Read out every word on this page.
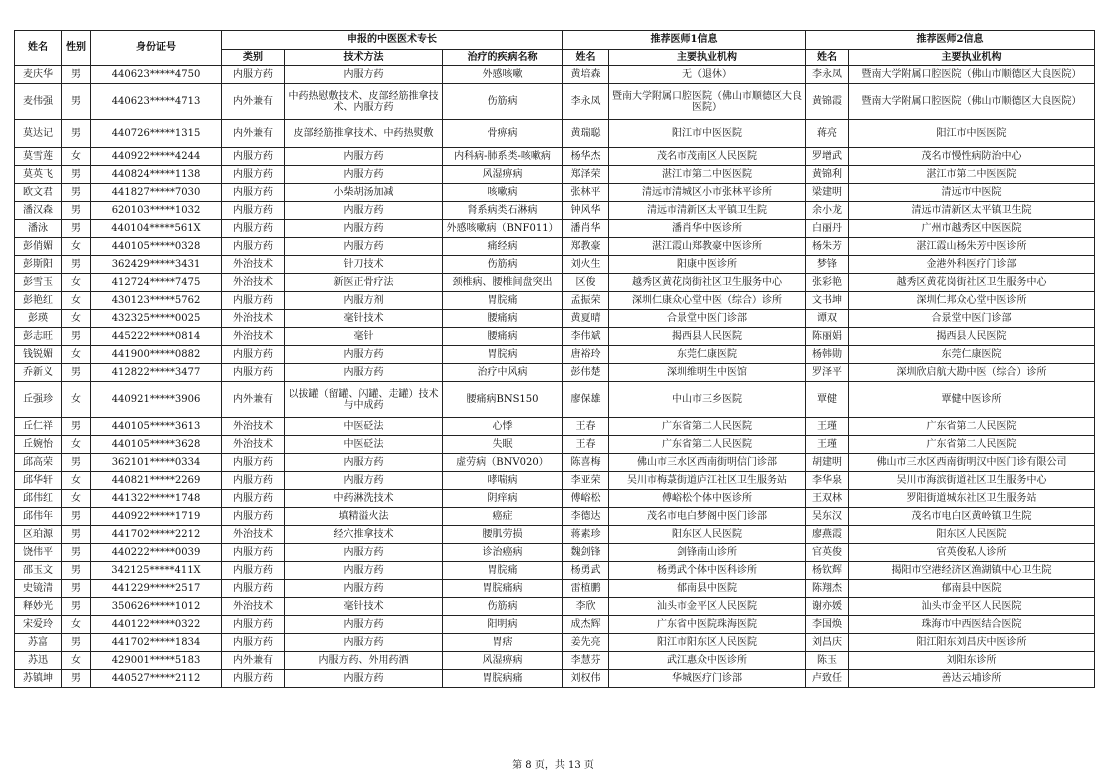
姓名	性别	身份证号	申报的中医医术专长			推荐医师1信息		推荐医师2信息	
			类别	技术方法	治疗的疾病名称	姓名	主要执业机构	姓名	主要执业机构
麦庆华	男	440623*****4750	内服方药	内服方药	外感咳嗽	黄培森	无（退休）	李永凤	暨南大学附属口腔医院（佛山市顺德区大良医院）
麦伟强	男	440623*****4713	内外兼有	中药热慰敷技术、皮部经筋推拿技术、内服方药	伤筋病	李永凤	暨南大学附属口腔医院（佛山市顺德区大良医院）	黄锦霞	暨南大学附属口腔医院（佛山市顺德区大良医院）
莫达记	男	440726*****1315	内外兼有	皮部经筋推拿技术、中药热熨敷	骨痹病	黄瑞聪	阳江市中医医院	蒋亮	阳江市中医医院
莫雪莲	女	440922*****4244	内服方药	内服方药	内科病-肺系类-咳嗽病	杨华杰	茂名市茂南区人民医院	罗增武	茂名市慢性病防治中心
莫英飞	男	440824*****1138	内服方药	内服方药	风湿痹病	郑泽荣	湛江市第二中医医院	黄锦利	湛江市第二中医医院
欧文君	男	441827*****7030	内服方药	小柴胡汤加减	咳嗽病	张林平	清远市清城区小市张林平诊所	梁建明	清远市中医院
潘汉森	男	620103*****1032	内服方药	内服方药	肾系病类石淋病	钟风华	清远市清新区太平镇卫生院	余小龙	清远市清新区太平镇卫生院
潘泳	男	440104*****561X	内服方药	内服方药	外感咳嗽病（BNF011）	潘肖华	潘肖华中医诊所	白丽丹	广州市越秀区中医医院
彭俏媚	女	440105*****0328	内服方药	内服方药	痛经病	郑教豪	湛江霞山郑教豪中医诊所	杨朱芳	湛江霞山杨朱芳中医诊所
彭斯阳	男	362429*****3431	外治技术	针刀技术	伤筋病	刘火生	阳康中医诊所	梦锋	金港外科医疗门诊部
彭雪玉	女	412724*****7475	外治技术	新医正骨疗法	颈椎病、腰椎间盘突出	区俊	越秀区黄花岗街社区卫生服务中心	张彩艳	越秀区黄花岗街社区卫生服务中心
彭艳红	女	430123*****5762	内服方药	内服方剂	胃脘痛	孟振荣	深圳仁康众心堂中医（综合）诊所	文书坤	深圳仁邦众心堂中医诊所
彭瑛	女	432325*****0025	外治技术	毫针技术	腰痛病	黄夏晴	合景堂中医门诊部	谭双	合景堂中医门诊部
彭志旺	男	445222*****0814	外治技术	毫针	腰痛病	李伟斌	揭西县人民医院	陈丽娟	揭西县人民医院
钱锐媚	女	441900*****0882	内服方药	内服方药	胃脘病	唐裕玲	东莞仁康医院	杨韩勋	东莞仁康医院
乔新义	男	412822*****3477	内服方药	内服方药	治疗中风病	彭伟楚	深圳维明生中医馆	罗泽平	深圳欣启航大勘中医（综合）诊所
丘强珍	女	440921*****3906	内外兼有	以拔罐（留罐、闪罐、走罐）技术与中成药	腰痛病BNS150	廖保雄	中山市三乡医院	覃健	覃健中医诊所
丘仁祥	男	440105*****3613	外治技术	中医砭法	心悸	王春	广东省第二人民医院	王瑾	广东省第二人民医院
丘婉怡	女	440105*****3628	外治技术	中医砭法	失眠	王春	广东省第二人民医院	王瑾	广东省第二人民医院
邱高荣	男	362101*****0334	内服方药	内服方药	虚劳病（BNV020）	陈喜梅	佛山市三水区西南街明信门诊部	胡建明	佛山市三水区西南街明汉中医门诊有限公司
邱华轩	女	440821*****2269	内服方药	内服方药	哮喘病	李亚荣	吴川市梅菉街道庐江社区卫生服务站	李华泉	吴川市海滨街道社区卫生服务中心
邱伟红	女	441322*****1748	内服方药	中药淋洗技术	阴痒病	傅峪松	傅峪松个体中医诊所	王双林	罗阳街道城东社区卫生服务站
邱伟年	男	440922*****1719	内服方药	填精溢火法	癌症	李德达	茂名市电白梦阁中医门诊部	吴东汉	茂名市电白区黄岭镇卫生院
区珀源	男	441702*****2212	外治技术	经穴推拿技术	腰肌劳损	蒋素珍	阳东区人民医院	廖燕霞	阳东区人民医院
饶伟平	男	440222*****0039	内服方药	内服方药	诊治癌病	魏剑锋	剑锋南山诊所	官英俊	官英俊私人诊所
邵玉文	男	342125*****411X	内服方药	内服方药	胃脘痛	杨勇武	杨勇武个体中医科诊所	杨钦辉	揭阳市空港经济区渔湖镇中心卫生院
史镜清	男	441229*****2517	内服方药	内服方药	胃脘痛病	雷植鹏	郁南县中医院	陈翔杰	郁南县中医院
释妙光	男	350626*****1012	外治技术	毫针技术	伤筋病	李欣	汕头市金平区人民医院	谢亦媛	汕头市金平区人民医院
宋爱玲	女	440122*****0322	内服方药	内服方药	阳明病	成杰辉	广东省中医院珠海医院	李国焕	珠海市中西医结合医院
苏富	男	441702*****1834	内服方药	内服方药	胃痞	姜先亮	阳江市阳东区人民医院	刘昌庆	阳江阳东刘昌庆中医诊所
苏迅	女	429001*****5183	内外兼有	内服方药、外用药酒	风湿痹病	李慧芬	武江惠众中医诊所	陈玉	刘阳东诊所
苏镇坤	男	440527*****2112	内服方药	内服方药	胃脘病痛	刘权伟	华城医疗门诊部	卢致任	善达云埔诊所
第 8 页，共 13 页
